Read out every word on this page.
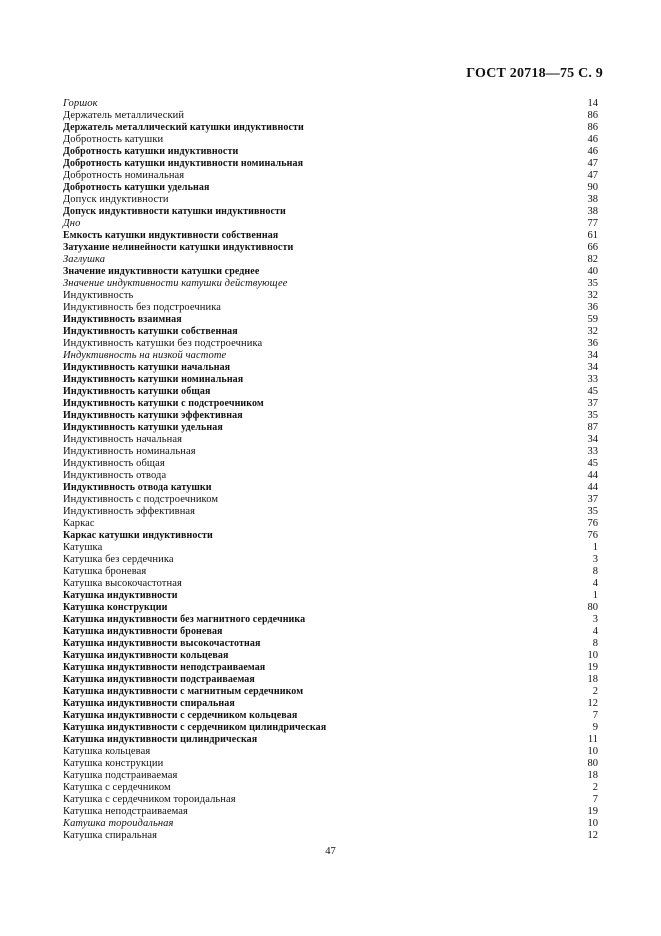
ГОСТ 20718—75 С. 9
Горшок	14
Держатель металлический	86
Держатель металлический катушки индуктивности	86
Добротность катушки	46
Добротность катушки индуктивности	46
Добротность катушки индуктивности номинальная	47
Добротность номинальная	47
Добротность катушки удельная	90
Допуск индуктивности	38
Допуск индуктивности катушки индуктивности	38
Дно	77
Емкость катушки индуктивности собственная	61
Затухание нелинейности катушки индуктивности	66
Заглушка	82
Значение индуктивности катушки среднее	40
Значение индуктивности катушки действующее	35
Индуктивность	32
Индуктивность без подстроечника	36
Индуктивность взаимная	59
Индуктивность катушки собственная	32
Индуктивность катушки без подстроечника	36
Индуктивность на низкой частоте	34
Индуктивность катушки начальная	34
Индуктивность катушки номинальная	33
Индуктивность катушки общая	45
Индуктивность катушки с подстроечником	37
Индуктивность катушки эффективная	35
Индуктивность катушки удельная	87
Индуктивность начальная	34
Индуктивность номинальная	33
Индуктивность общая	45
Индуктивность отвода	44
Индуктивность отвода катушки	44
Индуктивность с подстроечником	37
Индуктивность эффективная	35
Каркас	76
Каркас катушки индуктивности	76
Катушка	1
Катушка без сердечника	3
Катушка броневая	8
Катушка высокочастотная	4
Катушка индуктивности	1
Катушка конструкции	80
Катушка индуктивности без магнитного сердечника	3
Катушка индуктивности броневая	4
Катушка индуктивности высокочастотная	8
Катушка индуктивности кольцевая	10
Катушка индуктивности неподстраиваемая	19
Катушка индуктивности подстраиваемая	18
Катушка индуктивности с магнитным сердечником	2
Катушка индуктивности спиральная	12
Катушка индуктивности с сердечником кольцевая	7
Катушка индуктивности с сердечником цилиндрическая	9
Катушка индуктивности цилиндрическая	11
Катушка кольцевая	10
Катушка конструкции	80
Катушка подстраиваемая	18
Катушка с сердечником	2
Катушка с сердечником тороидальная	7
Катушка неподстраиваемая	19
Катушка тороидальная	10
Катушка спиральная	12
47
